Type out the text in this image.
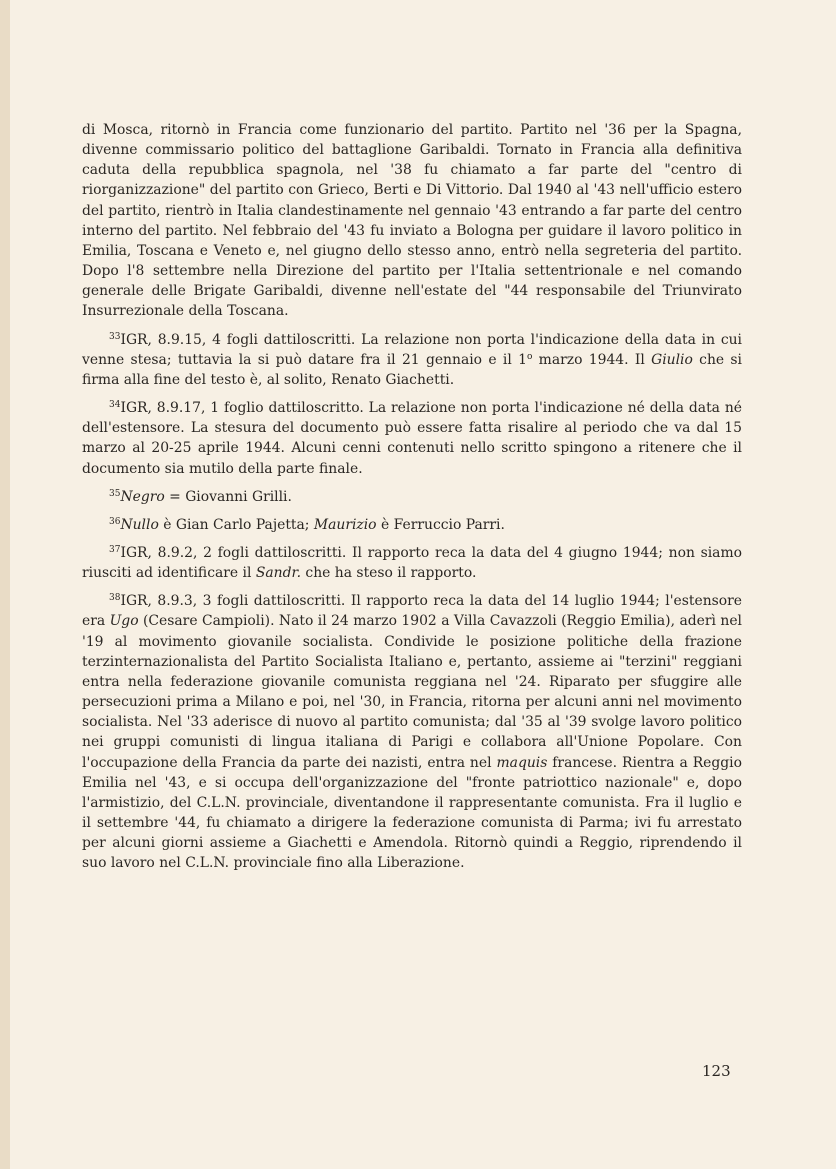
di Mosca, ritornò in Francia come funzionario del partito. Partito nel '36 per la Spagna, divenne commissario politico del battaglione Garibaldi. Tornato in Francia alla definitiva caduta della repubblica spagnola, nel '38 fu chiamato a far parte del "centro di riorganizzazione" del partito con Grieco, Berti e Di Vittorio. Dal 1940 al '43 nell'ufficio estero del partito, rientrò in Italia clandestinamente nel gennaio '43 entrando a far parte del centro interno del partito. Nel febbraio del '43 fu inviato a Bologna per guidare il lavoro politico in Emilia, Toscana e Veneto e, nel giugno dello stesso anno, entrò nella segreteria del partito. Dopo l'8 settembre nella Direzione del partito per l'Italia settentrionale e nel comando generale delle Brigate Garibaldi, divenne nell'estate del "44 responsabile del Triunvirato Insurrezionale della Toscana.

$^{33}$IGR, 8.9.15, 4 fogli dattiloscritti. La relazione non porta l'indicazione della data in cui venne stesa; tuttavia la si può datare fra il 21 gennaio e il 1$^o$ marzo 1944. Il Giulio che si firma alla fine del testo è, al solito, Renato Giachetti.

$^{34}$IGR, 8.9.17, 1 foglio dattiloscritto. La relazione non porta l'indicazione né della data né dell'estensore. La stesura del documento può essere fatta risalire al periodo che va dal 15 marzo al 20-25 aprile 1944. Alcuni cenni contenuti nello scritto spingono a ritenere che il documento sia mutilo della parte finale.

$^{35}$Negro = Giovanni Grilli.

$^{36}$Nullo è Gian Carlo Pajetta; Maurizio è Ferruccio Parri.

$^{37}$IGR, 8.9.2, 2 fogli dattiloscritti. Il rapporto reca la data del 4 giugno 1944; non siamo riusciti ad identificare il Sandr. che ha steso il rapporto.

$^{38}$IGR, 8.9.3, 3 fogli dattiloscritti. Il rapporto reca la data del 14 luglio 1944; l'estensore era Ugo (Cesare Campioli). Nato il 24 marzo 1902 a Villa Cavazzoli (Reggio Emilia), aderì nel '19 al movimento giovanile socialista. Condivide le posizione politiche della frazione terzinternazionalista del Partito Socialista Italiano e, pertanto, assieme ai "terzini" reggiani entra nella federazione giovanile comunista reggiana nel '24. Riparato per sfuggire alle persecuzioni prima a Milano e poi, nel '30, in Francia, ritorna per alcuni anni nel movimento socialista. Nel '33 aderisce di nuovo al partito comunista; dal '35 al '39 svolge lavoro politico nei gruppi comunisti di lingua italiana di Parigi e collabora all'Unione Popolare. Con l'occupazione della Francia da parte dei nazisti, entra nel maquis francese. Rientra a Reggio Emilia nel '43, e si occupa dell'organizzazione del "fronte patriottico nazionale" e, dopo l'armistizio, del C.L.N. provinciale, diventandone il rappresentante comunista. Fra il luglio e il settembre '44, fu chiamato a dirigere la federazione comunista di Parma; ivi fu arrestato per alcuni giorni assieme a Giachetti e Amendola. Ritornò quindi a Reggio, riprendendo il suo lavoro nel C.L.N. provinciale fino alla Liberazione.

123
